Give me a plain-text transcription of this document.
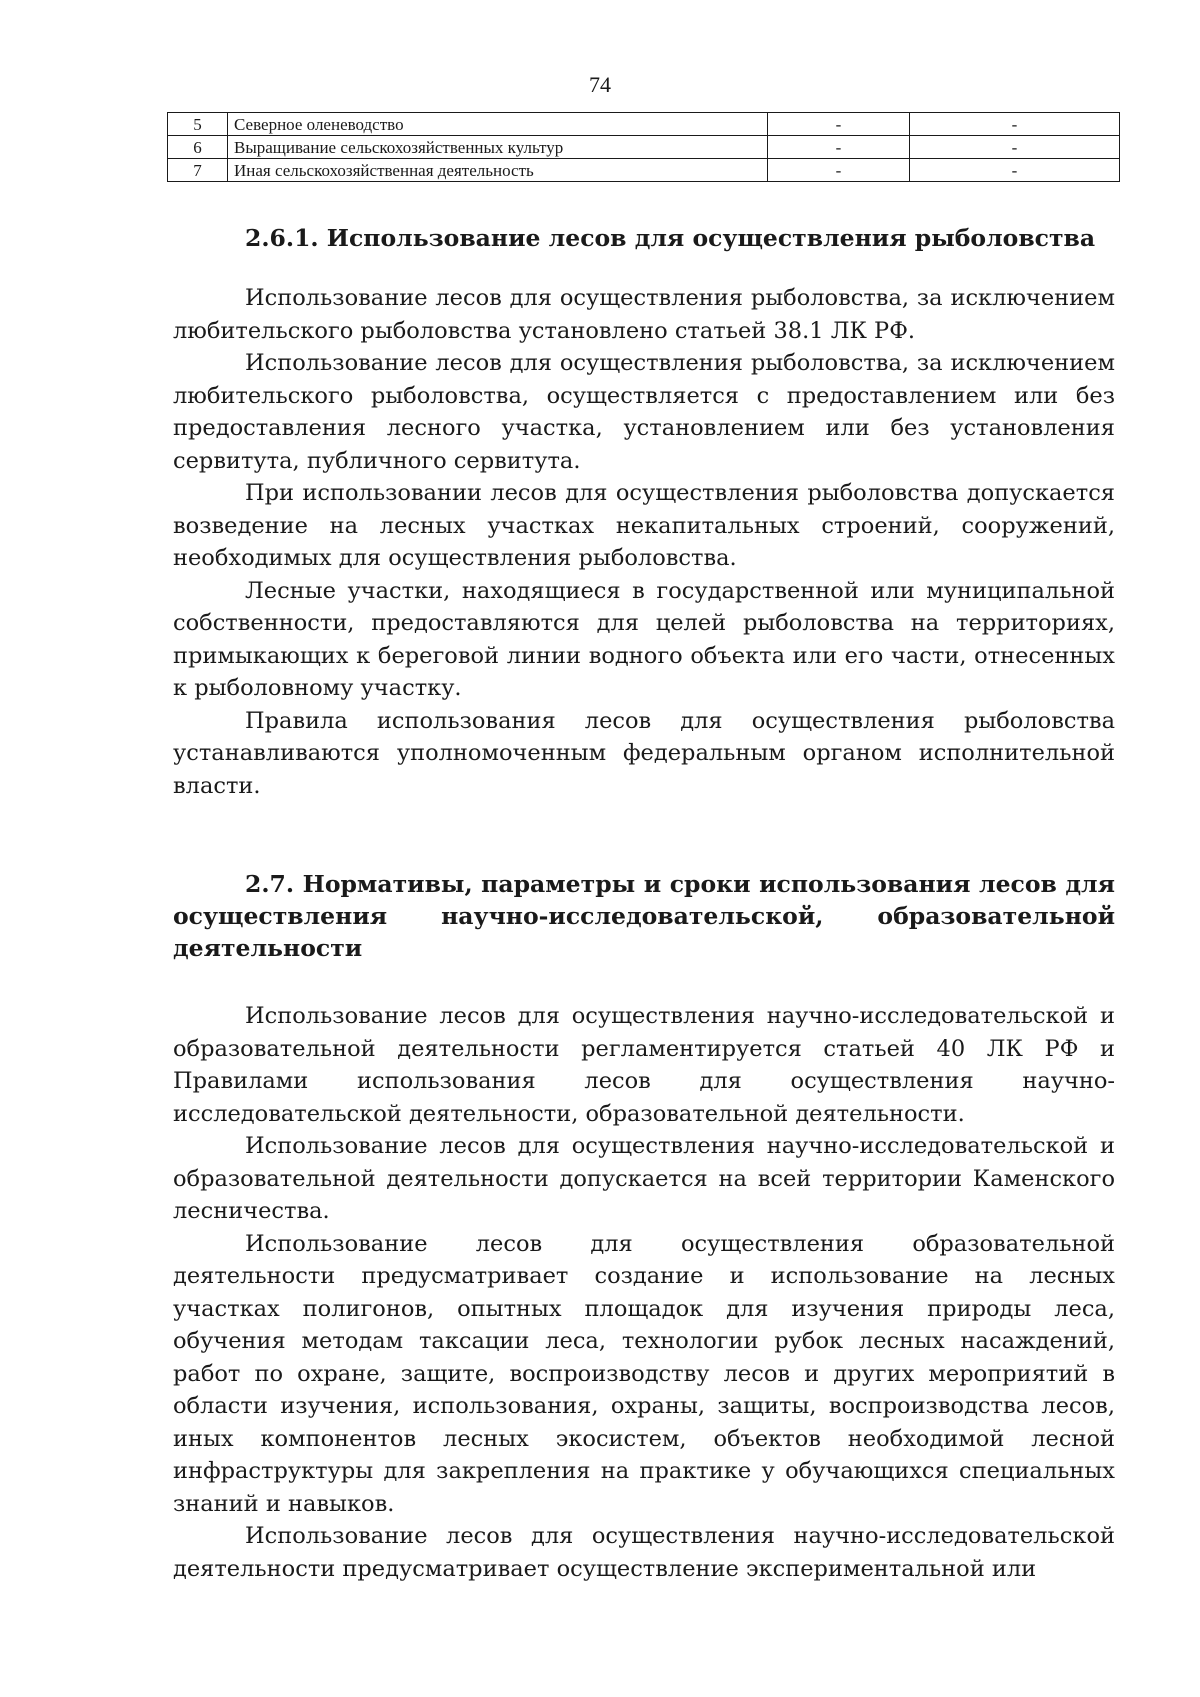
74
5	Северное оленеводство	-	-
6	Выращивание сельскохозяйственных культур	-	-
7	Иная сельскохозяйственная деятельность	-	-
2.6.1. Использование лесов для осуществления рыболовства

Использование лесов для осуществления рыболовства, за исключением любительского рыболовства установлено статьей 38.1 ЛК РФ.

Использование лесов для осуществления рыболовства, за исключением любительского рыболовства, осуществляется с предоставлением или без предоставления лесного участка, установлением или без установления сервитута, публичного сервитута.

При использовании лесов для осуществления рыболовства допускается возведение на лесных участках некапитальных строений, сооружений, необходимых для осуществления рыболовства.

Лесные участки, находящиеся в государственной или муниципальной собственности, предоставляются для целей рыболовства на территориях, примыкающих к береговой линии водного объекта или его части, отнесенных к рыболовному участку.

Правила использования лесов для осуществления рыболовства устанавливаются уполномоченным федеральным органом исполнительной власти.

2.7. Нормативы, параметры и сроки использования лесов для осуществления научно-исследовательской, образовательной деятельности

Использование лесов для осуществления научно-исследовательской и образовательной деятельности регламентируется статьей 40 ЛК РФ и Правилами использования лесов для осуществления научно-исследовательской деятельности, образовательной деятельности.

Использование лесов для осуществления научно-исследовательской и образовательной деятельности допускается на всей территории Каменского лесничества.

Использование лесов для осуществления образовательной деятельности предусматривает создание и использование на лесных участках полигонов, опытных площадок для изучения природы леса, обучения методам таксации леса, технологии рубок лесных насаждений, работ по охране, защите, воспроизводству лесов и других мероприятий в области изучения, использования, охраны, защиты, воспроизводства лесов, иных компонентов лесных экосистем, объектов необходимой лесной инфраструктуры для закрепления на практике у обучающихся специальных знаний и навыков.

Использование лесов для осуществления научно-исследовательской деятельности предусматривает осуществление экспериментальной или
